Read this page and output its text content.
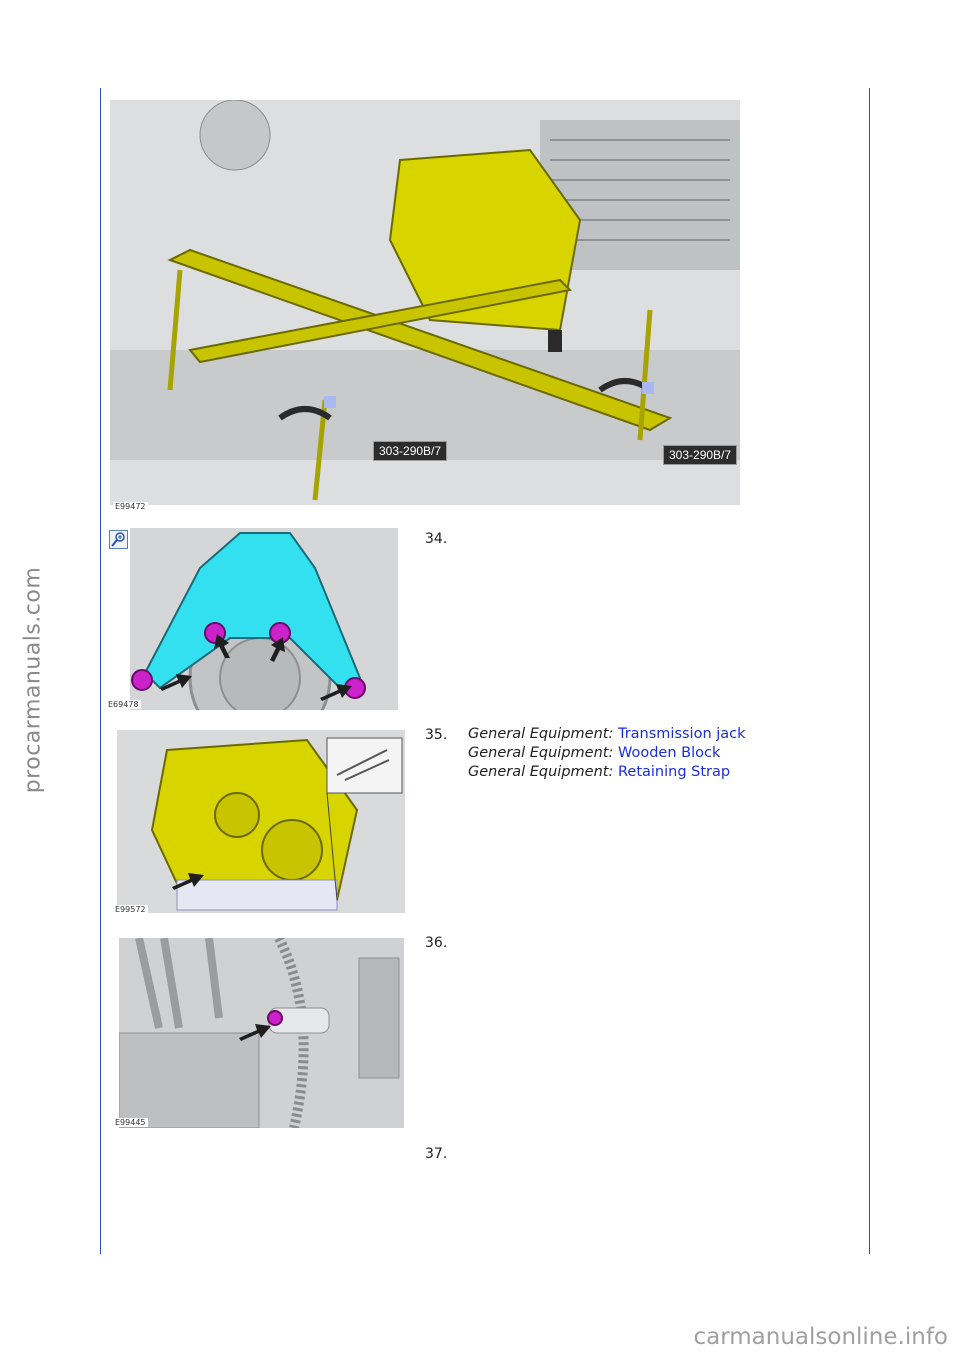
procarmanuals.com
carmanualsonline.info
303-290B/7	303-290B/7
E99472
E69478
E99572
E99445
34.
35. General Equipment: Transmission jack
General Equipment: Wooden Block
General Equipment: Retaining Strap
36.
37.
